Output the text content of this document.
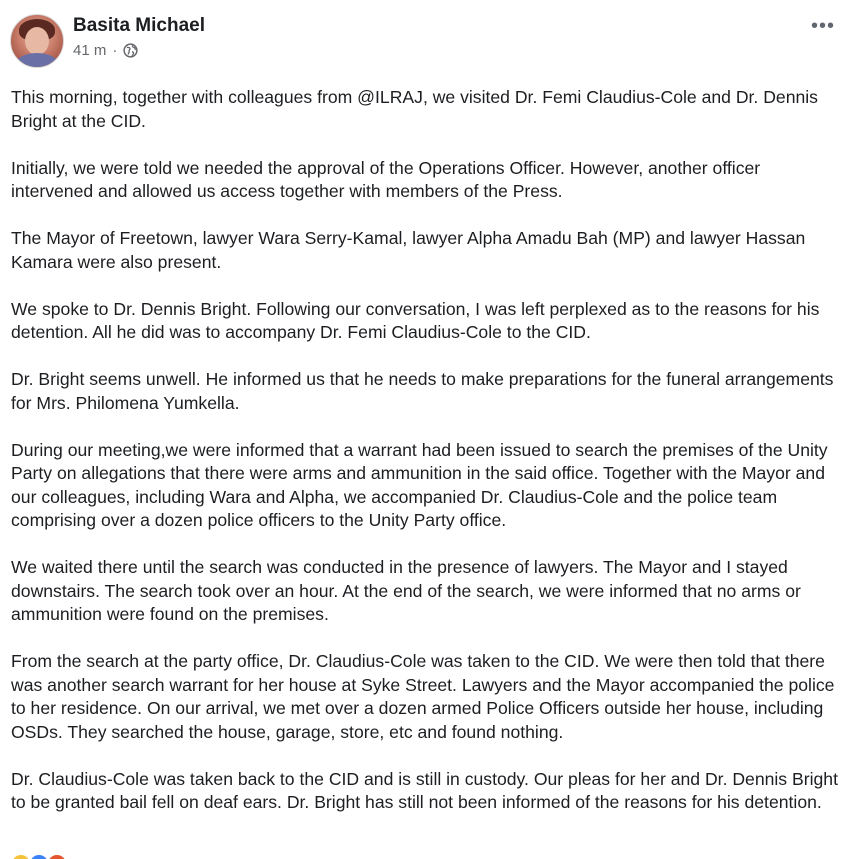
Basita Michael
41 m ·
•••

This morning, together with colleagues from @ILRAJ, we visited Dr. Femi Claudius-Cole and Dr. Dennis Bright at the CID.

Initially, we were told we needed the approval of the Operations Officer. However, another officer intervened and allowed us access together with members of the Press.

The Mayor of Freetown, lawyer Wara Serry-Kamal, lawyer Alpha Amadu Bah (MP) and lawyer Hassan Kamara were also present.

We spoke to Dr. Dennis Bright. Following our conversation, I was left perplexed as to the reasons for his detention. All he did was to accompany Dr. Femi Claudius-Cole to the CID.

Dr. Bright seems unwell. He informed us that he needs to make preparations for the funeral arrangements for Mrs. Philomena Yumkella.

During our meeting,we were informed that a warrant had been issued to search the premises of the Unity Party on allegations that there were arms and ammunition in the said office. Together with the Mayor and our colleagues, including Wara and Alpha, we accompanied Dr. Claudius-Cole and the police team comprising over a dozen police officers to the Unity Party office.

We waited there until the search was conducted in the presence of lawyers. The Mayor and I stayed downstairs. The search took over an hour. At the end of the search, we were informed that no arms or ammunition were found on the premises.

From the search at the party office, Dr. Claudius-Cole was taken to the CID. We were then told that there was another search warrant for her house at Syke Street. Lawyers and the Mayor accompanied the police to her residence. On our arrival, we met over a dozen armed Police Officers outside her house, including OSDs. They searched the house, garage, store, etc and found nothing.

Dr. Claudius-Cole was taken back to the CID and is still in custody. Our pleas for her and Dr. Dennis Bright to be granted bail fell on deaf ears. Dr. Bright has still not been informed of the reasons for his detention.
